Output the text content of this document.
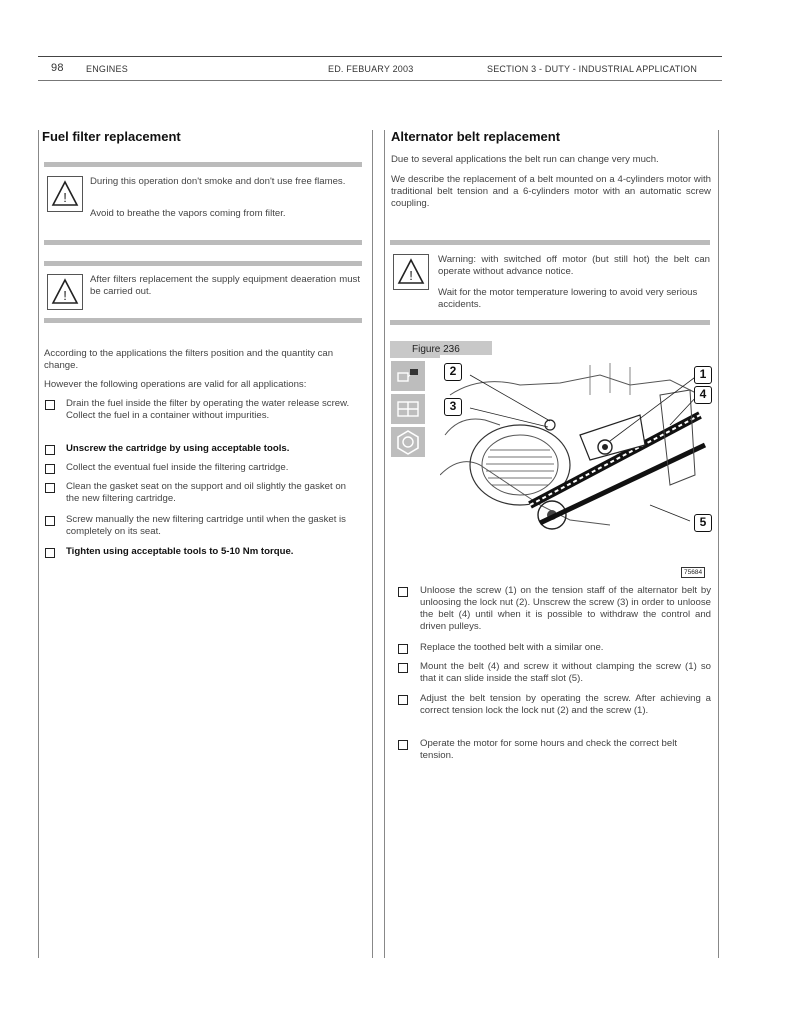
98 ENGINES	ED. FEBUARY 2003	SECTION 3 - DUTY - INDUSTRIAL APPLICATION
Fuel filter replacement
!
During this operation don't smoke and don't use free flames.
Avoid to breathe the vapors coming from filter.
!
After filters replacement the supply equipment deaeration must be carried out.
According to the applications the filters position and the quantity can change.
However the following operations are valid for all applications:
Drain the fuel inside the filter by operating the water release screw. Collect the fuel in a container without impurities.
Unscrew the cartridge by using acceptable tools.
Collect the eventual fuel inside the filtering cartridge.
Clean the gasket seat on the support and oil slightly the gasket on the new filtering cartridge.
Screw manually the new filtering cartridge until when the gasket is completely on its seat.
Tighten using acceptable tools to 5-10 Nm torque.
Alternator belt replacement
Due to several applications the belt run can change very much.
We describe the replacement of a belt mounted on a 4-cylinders motor with traditional belt tension and a 6-cylinders motor with an automatic screw coupling.
!
Warning: with switched off motor (but still hot) the belt can operate without advance notice.
Wait for the motor temperature lowering to avoid very serious accidents.
Figure 236
2
3
1
4
5
75684
Unloose the screw (1) on the tension staff of the alternator belt by unloosing the lock nut (2). Unscrew the screw (3) in order to unloose the belt (4) until when it is possible to withdraw the control and driven pulleys.
Replace the toothed belt with a similar one.
Mount the belt (4) and screw it without clamping the screw (1) so that it can slide inside the staff slot (5).
Adjust the belt tension by operating the screw. After achieving a correct tension lock the lock nut (2) and the screw (1).
Operate the motor for some hours and check the correct belt tension.
